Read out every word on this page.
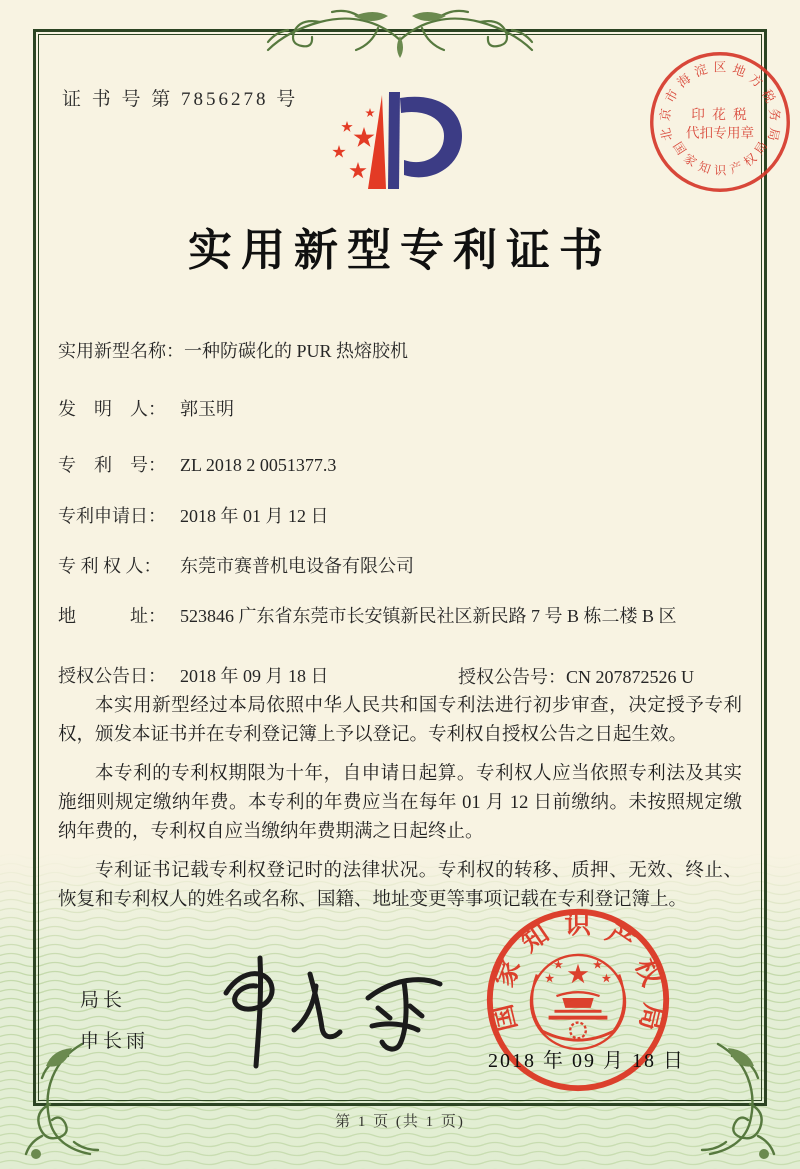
证 书 号 第 7856278 号
北京市海淀区地方税务局
印 花 税
代扣专用章
国家知识产权局
实用新型专利证书
实用新型名称： 一种防碳化的 PUR 热熔胶机
发　明　人： 郭玉明
专　利　号： ZL 2018 2 0051377.3
专利申请日： 2018 年 01 月 12 日
专 利 权 人：	东莞市赛普机电设备有限公司
地　　　址： 523846 广东省东莞市长安镇新民社区新民路 7 号 B 栋二楼 B 区
授权公告日： 2018 年 09 月 18 日	授权公告号：CN 207872526 U

本实用新型经过本局依照中华人民共和国专利法进行初步审查，决定授予专利权，颁发本证书并在专利登记簿上予以登记。专利权自授权公告之日起生效。

本专利的专利权期限为十年，自申请日起算。专利权人应当依照专利法及其实施细则规定缴纳年费。本专利的年费应当在每年 01 月 12 日前缴纳。未按照规定缴纳年费的，专利权自应当缴纳年费期满之日起终止。

专利证书记载专利权登记时的法律状况。专利权的转移、质押、无效、终止、恢复和专利权人的姓名或名称、国籍、地址变更等事项记载在专利登记簿上。

局长
申长雨
国家知识产权局
2018 年 09 月 18 日
第 1 页 (共 1 页)
